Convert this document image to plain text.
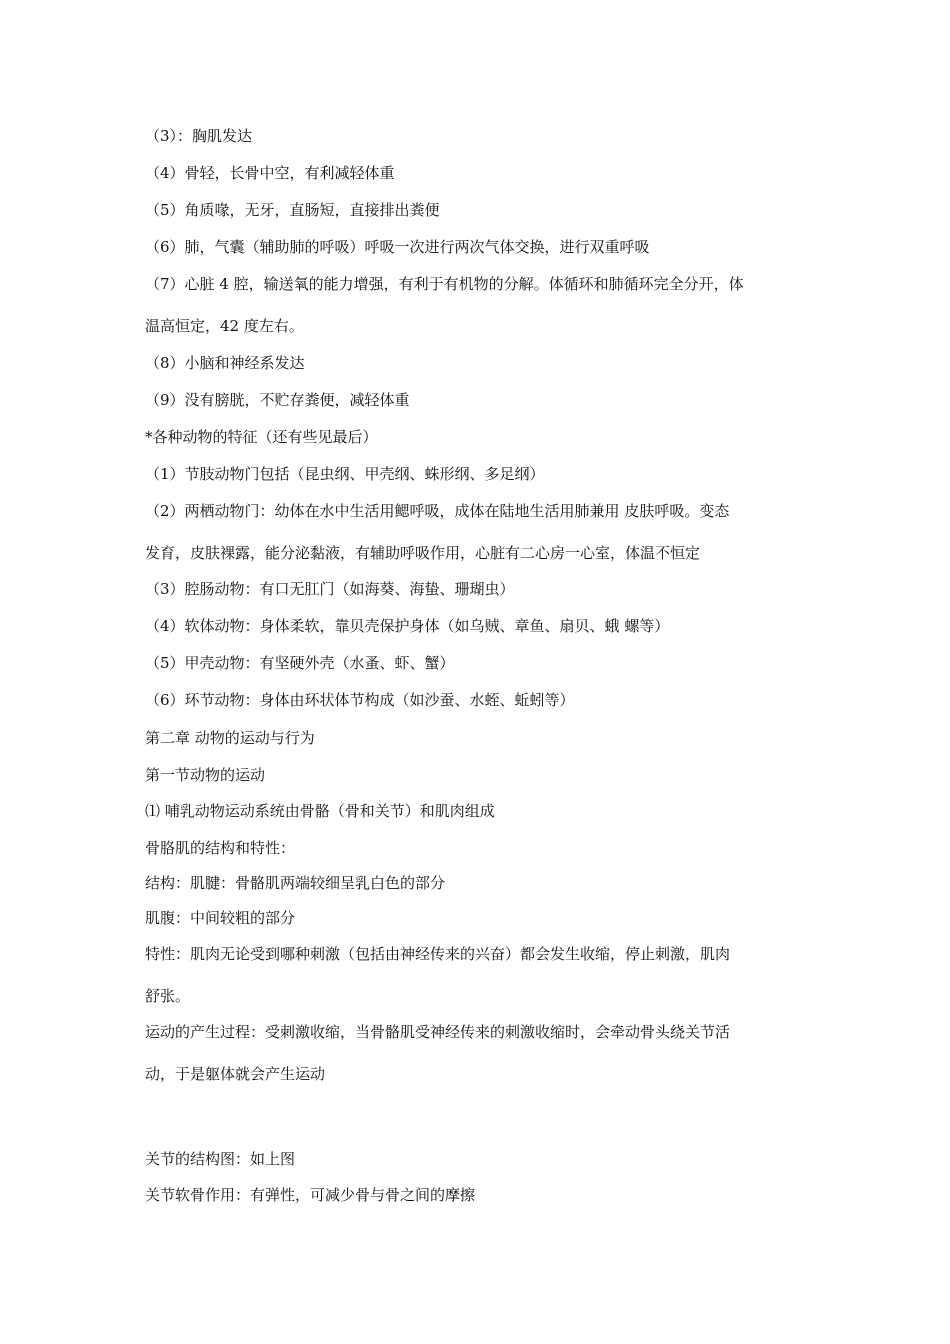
（3）：胸肌发达
（4）骨轻，长骨中空，有利减轻体重
（5）角质喙，无牙，直肠短，直接排出粪便
（6）肺，气囊（辅助肺的呼吸）呼吸一次进行两次气体交换，进行双重呼吸
（7）心脏 4 腔，输送氧的能力增强，有利于有机物的分解。体循环和肺循环完全分开，体
温高恒定，42 度左右。
（8）小脑和神经系发达
（9）没有膀胱，不贮存粪便，减轻体重
*各种动物的特征（还有些见最后）
（1）节肢动物门包括（昆虫纲、甲壳纲、蛛形纲、多足纲）
（2）两栖动物门：幼体在水中生活用鳃呼吸，成体在陆地生活用肺兼用 皮肤呼吸。变态
发育，皮肤裸露，能分泌黏液，有辅助呼吸作用，心脏有二心房一心室，体温不恒定
（3）腔肠动物：有口无肛门（如海葵、海蛰、珊瑚虫）
（4）软体动物：身体柔软，靠贝壳保护身体（如乌贼、章鱼、扇贝、蛾 螺等）
（5）甲壳动物：有坚硬外壳（水蚤、虾、蟹）
（6）环节动物：身体由环状体节构成（如沙蚕、水蛭、蚯蚓等）
第二章 动物的运动与行为
第一节动物的运动
⑴ 哺乳动物运动系统由骨骼（骨和关节）和肌肉组成
骨胳肌的结构和特性：
结构：肌腱：骨骼肌两端较细呈乳白色的部分
肌腹：中间较粗的部分
特性：肌肉无论受到哪种刺激（包括由神经传来的兴奋）都会发生收缩，停止刺激，肌肉
舒张。
运动的产生过程：受刺激收缩，当骨骼肌受神经传来的刺激收缩时，会牵动骨头绕关节活
动，于是躯体就会产生运动
关节的结构图：如上图
关节软骨作用：有弹性，可减少骨与骨之间的摩擦
